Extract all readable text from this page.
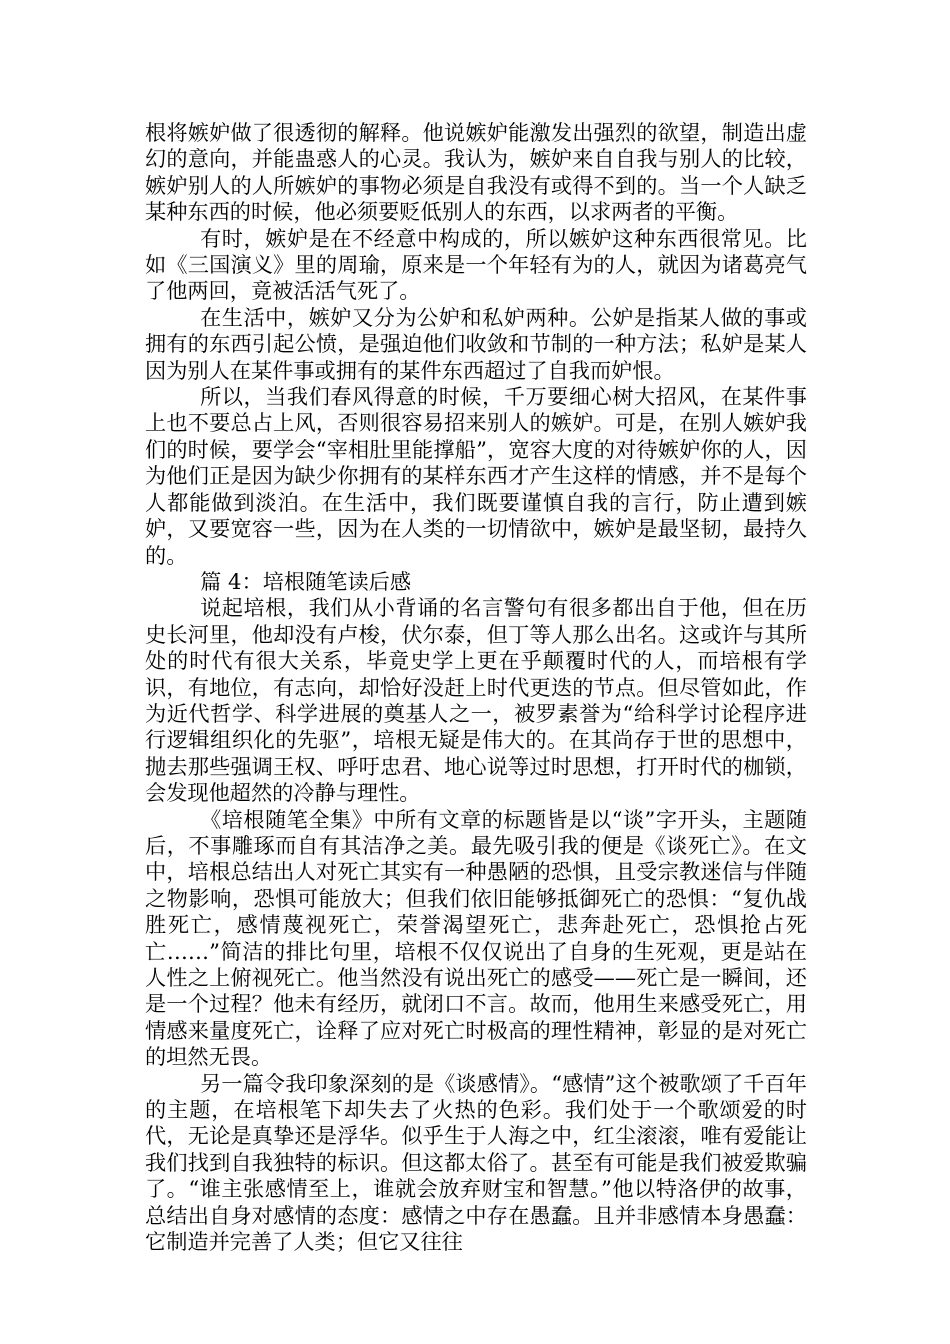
根将嫉妒做了很透彻的解释。他说嫉妒能激发出强烈的欲望，制造出虚幻的意向，并能蛊惑人的心灵。我认为，嫉妒来自自我与别人的比较，嫉妒别人的人所嫉妒的事物必须是自我没有或得不到的。当一个人缺乏某种东西的时候，他必须要贬低别人的东西，以求两者的平衡。

有时，嫉妒是在不经意中构成的，所以嫉妒这种东西很常见。比如《三国演义》里的周瑜，原来是一个年轻有为的人，就因为诸葛亮气了他两回，竟被活活气死了。

在生活中，嫉妒又分为公妒和私妒两种。公妒是指某人做的事或拥有的东西引起公愤，是强迫他们收敛和节制的一种方法；私妒是某人因为别人在某件事或拥有的某件东西超过了自我而妒恨。

所以，当我们春风得意的时候，千万要细心树大招风，在某件事上也不要总占上风，否则很容易招来别人的嫉妒。可是，在别人嫉妒我们的时候，要学会“宰相肚里能撑船”，宽容大度的对待嫉妒你的人，因为他们正是因为缺少你拥有的某样东西才产生这样的情感，并不是每个人都能做到淡泊。在生活中，我们既要谨慎自我的言行，防止遭到嫉妒，又要宽容一些，因为在人类的一切情欲中，嫉妒是最坚韧，最持久的。

篇 4：培根随笔读后感

说起培根，我们从小背诵的名言警句有很多都出自于他，但在历史长河里，他却没有卢梭，伏尔泰，但丁等人那么出名。这或许与其所处的时代有很大关系，毕竟史学上更在乎颠覆时代的人，而培根有学识，有地位，有志向，却恰好没赶上时代更迭的节点。但尽管如此，作为近代哲学、科学进展的奠基人之一，被罗素誉为“给科学讨论程序进行逻辑组织化的先驱”，培根无疑是伟大的。在其尚存于世的思想中，抛去那些强调王权、呼吁忠君、地心说等过时思想，打开时代的枷锁，会发现他超然的冷静与理性。

《培根随笔全集》中所有文章的标题皆是以“谈”字开头，主题随后，不事雕琢而自有其洁净之美。最先吸引我的便是《谈死亡》。在文中，培根总结出人对死亡其实有一种愚陋的恐惧，且受宗教迷信与伴随之物影响，恐惧可能放大；但我们依旧能够抵御死亡的恐惧：“复仇战胜死亡，感情蔑视死亡，荣誉渴望死亡，悲奔赴死亡，恐惧抢占死亡……”简洁的排比句里，培根不仅仅说出了自身的生死观，更是站在人性之上俯视死亡。他当然没有说出死亡的感受——死亡是一瞬间，还是一个过程？他未有经历，就闭口不言。故而，他用生来感受死亡，用情感来量度死亡，诠释了应对死亡时极高的理性精神，彰显的是对死亡的坦然无畏。

另一篇令我印象深刻的是《谈感情》。“感情”这个被歌颂了千百年的主题，在培根笔下却失去了火热的色彩。我们处于一个歌颂爱的时代，无论是真挚还是浮华。似乎生于人海之中，红尘滚滚，唯有爱能让我们找到自我独特的标识。但这都太俗了。甚至有可能是我们被爱欺骗了。“谁主张感情至上，谁就会放弃财宝和智慧。”他以特洛伊的故事，总结出自身对感情的态度：感情之中存在愚蠢。且并非感情本身愚蠢：它制造并完善了人类；但它又往往
